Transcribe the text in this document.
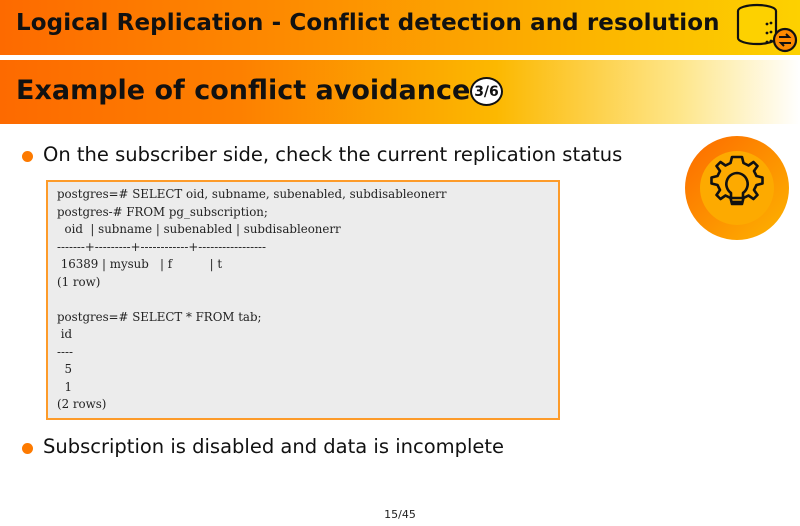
Logical Replication - Conflict detection and resolution
Example of conflict avoidance 3/6
On the subscriber side, check the current replication status
postgres=# SELECT oid, subname, subenabled, subdisableonerr
postgres-# FROM pg_subscription;
oid  | subname | subenabled | subdisableonerr
-------+---------+------------+-----------------
16389 | mysub   | f          | t
(1 row)

postgres=# SELECT * FROM tab;
id
----
5
1
(2 rows)
Subscription is disabled and data is incomplete
15/45
